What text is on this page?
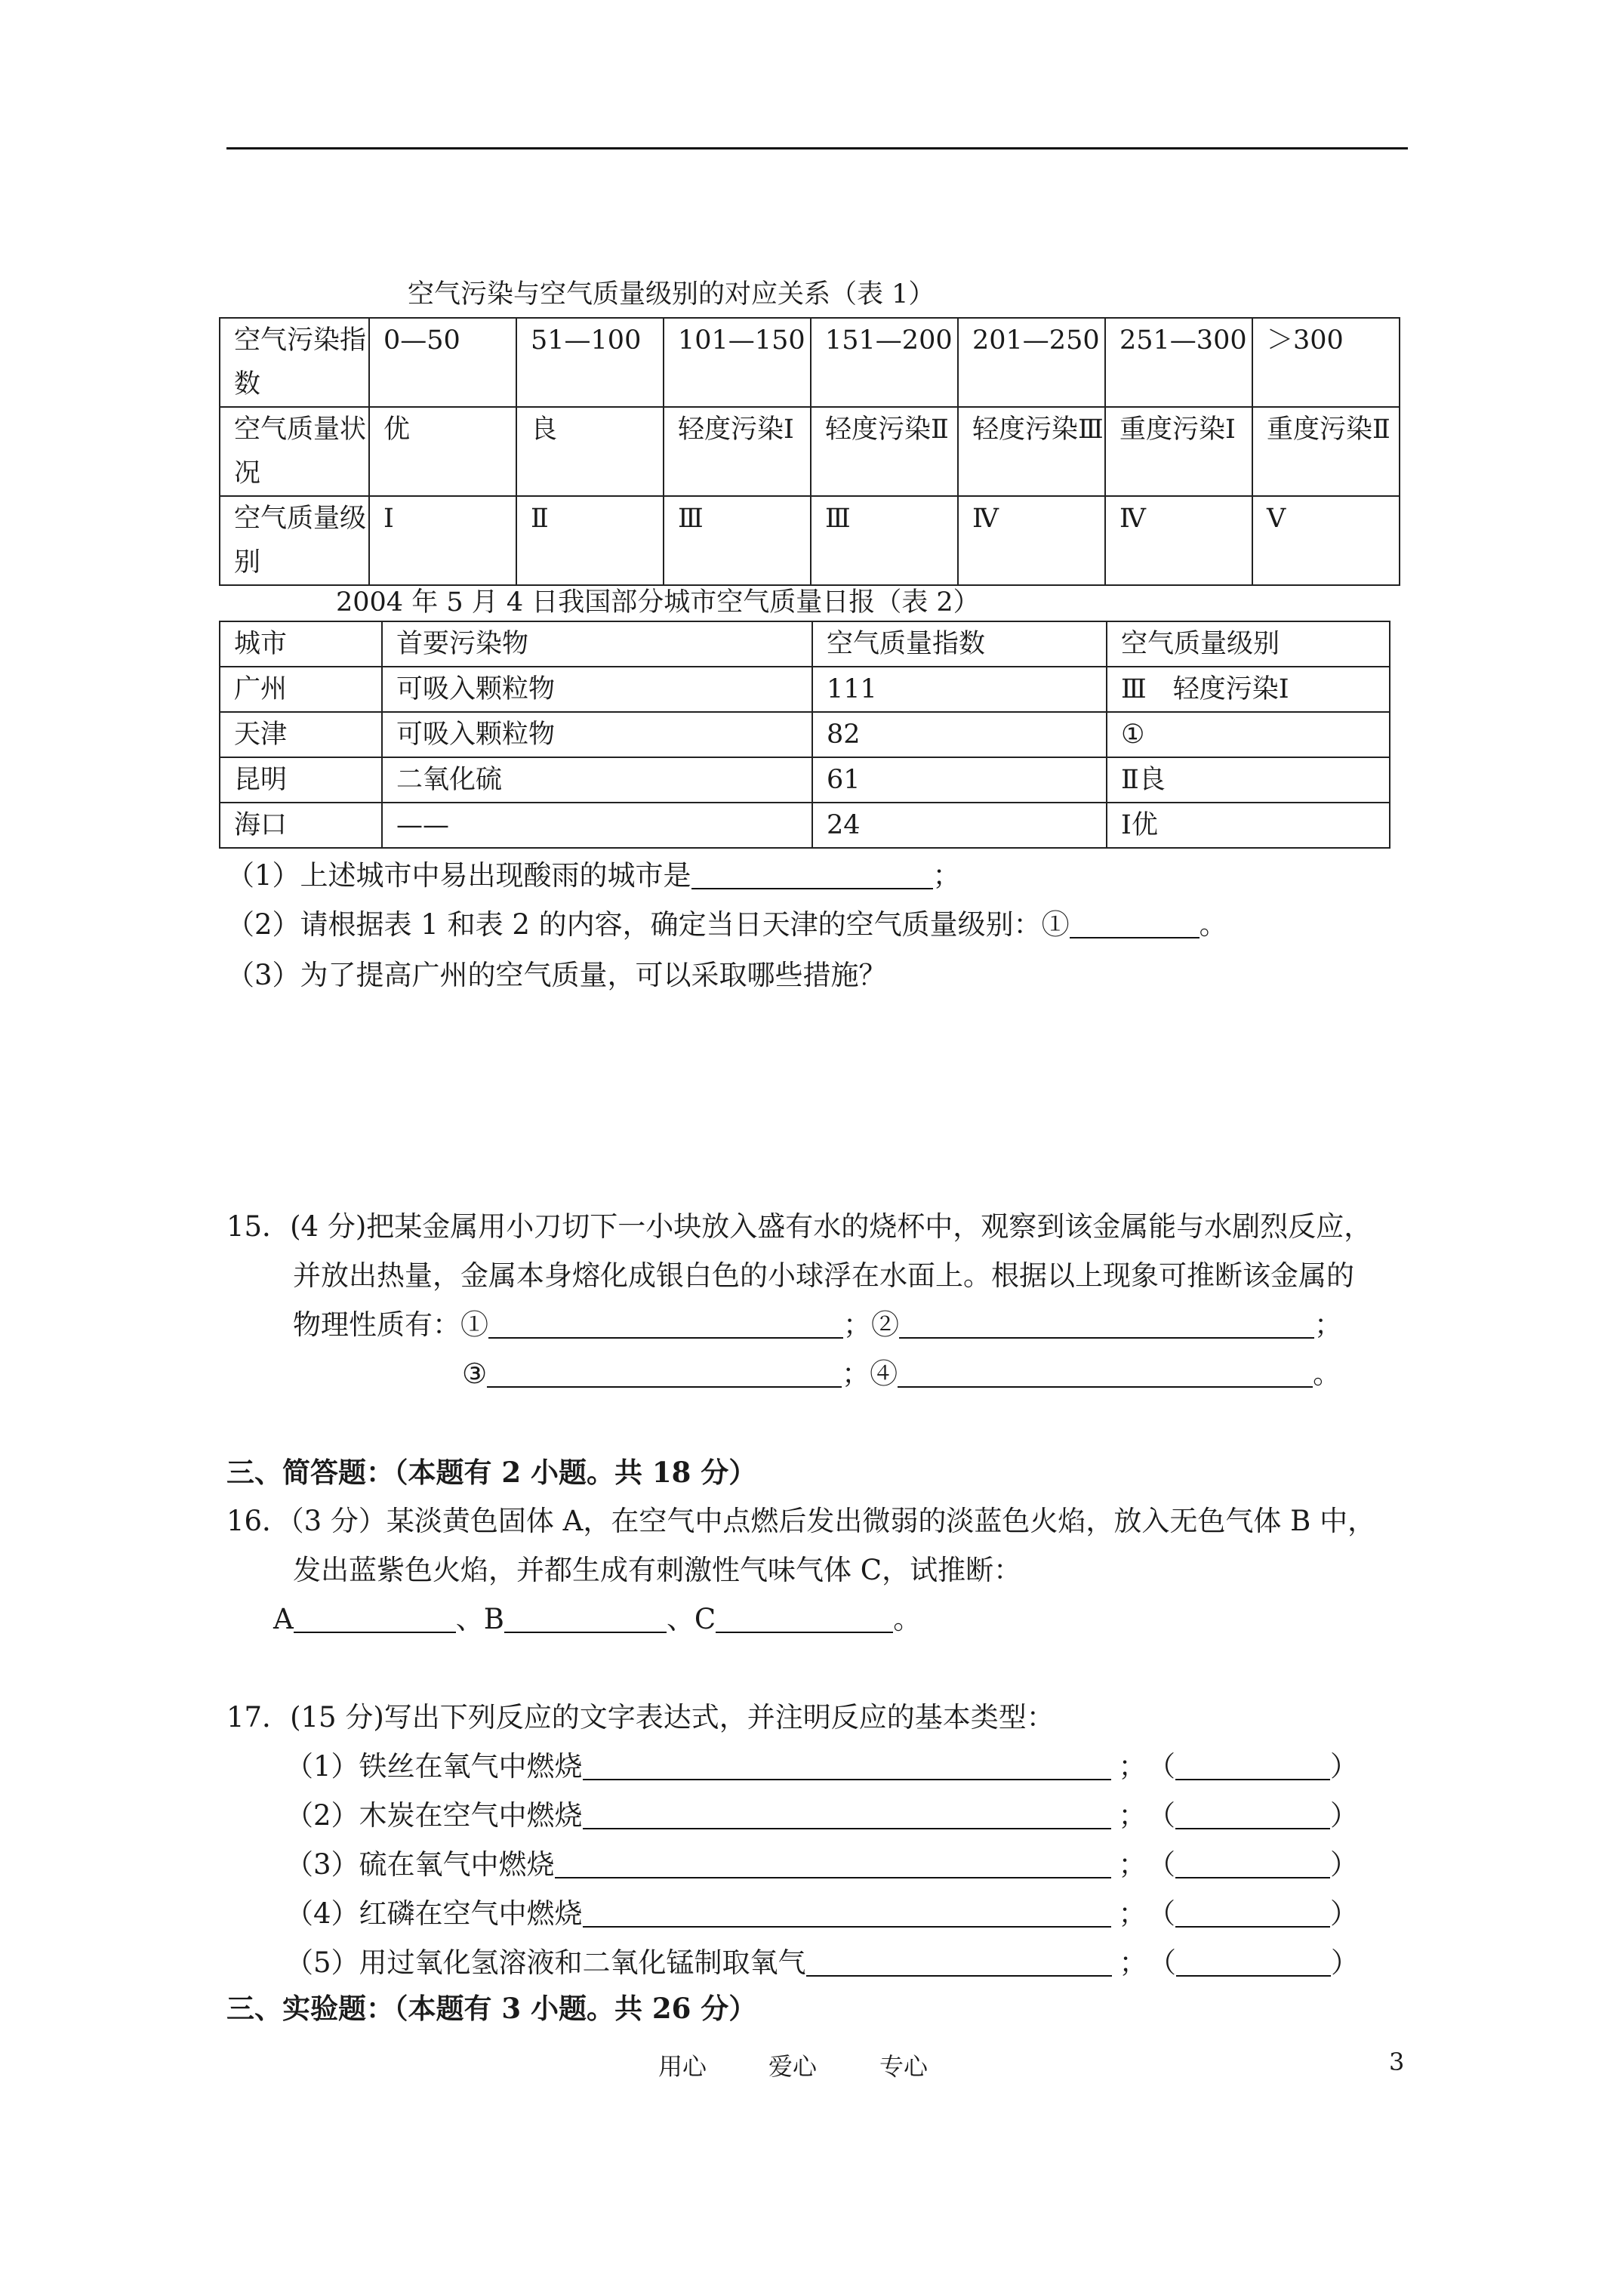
空气污染与空气质量级别的对应关系（表 1）
空气污染指数	0—50	51—100	101—150	151—200	201—250	251—300	＞300
空气质量状况	优	良	轻度污染Ⅰ	轻度污染Ⅱ	轻度污染Ⅲ	重度污染Ⅰ	重度污染Ⅱ
空气质量级别	Ⅰ	Ⅱ	Ⅲ	Ⅲ	Ⅳ	Ⅳ	Ⅴ
2004 年 5 月 4 日我国部分城市空气质量日报（表 2）
城市	首要污染物	空气质量指数	空气质量级别
广州	可吸入颗粒物	111	Ⅲ　轻度污染Ⅰ
天津	可吸入颗粒物	82	①
昆明	二氧化硫	61	Ⅱ良
海口	——	24	Ⅰ优
（1）上述城市中易出现酸雨的城市是	；
（2）请根据表 1 和表 2 的内容，确定当日天津的空气质量级别：①	。
（3）为了提高广州的空气质量，可以采取哪些措施？
15．(4 分)把某金属用小刀切下一小块放入盛有水的烧杯中，观察到该金属能与水剧烈反应，
并放出热量，金属本身熔化成银白色的小球浮在水面上。根据以上现象可推断该金属的
物理性质有：①	；②	；
③	；④	。
三、简答题：（本题有 2 小题。共 18 分）
16．（3 分）某淡黄色固体 A，在空气中点燃后发出微弱的淡蓝色火焰，放入无色气体 B 中，
发出蓝紫色火焰，并都生成有刺激性气味气体 C，试推断：
A	、B	、C	。
17．(15 分)写出下列反应的文字表达式，并注明反应的基本类型：
（1）铁丝在氧气中燃烧	； （	）
（2）木炭在空气中燃烧	； （	）
（3）硫在氧气中燃烧	； （	）
（4）红磷在空气中燃烧	； （	）
（5）用过氧化氢溶液和二氧化锰制取氧气	； （	）
三、实验题：（本题有 3 小题。共 26 分）
用心	爱心	专心	3
